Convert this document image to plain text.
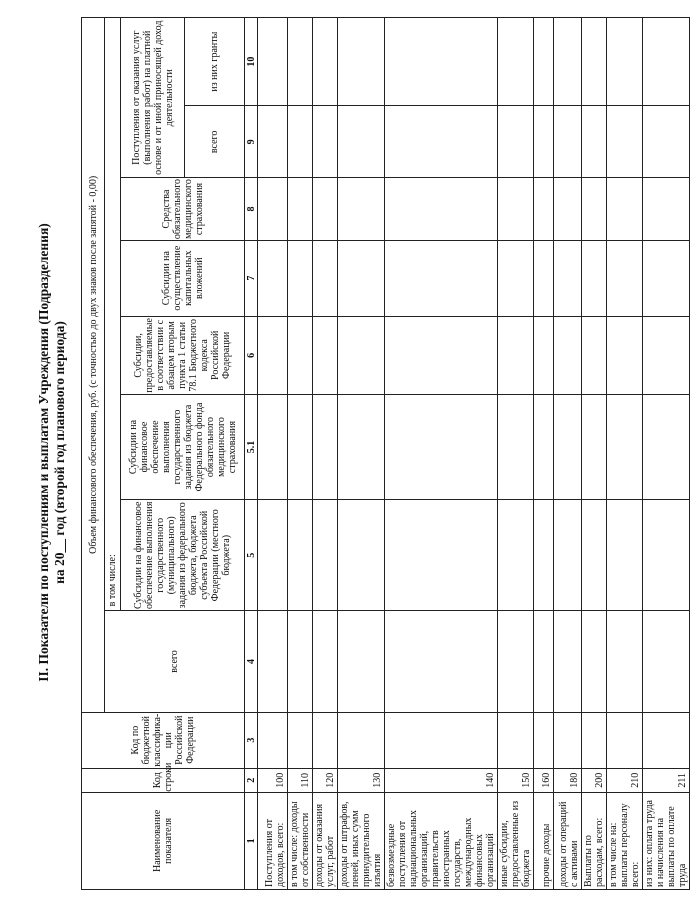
II. Показатели по поступлениям и выплатам Учреждения (Подразделения) на 20__ год (второй год планового периода)
Наименование показателя	Код строки	Код по бюджетной классифика-ции Российской Федерации	Объем финансового обеспечения, руб. (с точностью до двух знаков после запятой - 0,00)							
			всего	в том числе:						
				Субсидии на финансовое обеспечение выполнения государственного (муниципального) задания из федерального бюджета, бюджета субъекта Российской Федерации (местного бюджета)	Субсидии на финансовое обеспечение выполнения государственного задания из бюджета Федерального фонда обязательного медицинского страхования	Субсидии, предоставляемые в соответствии с абзацем вторым пункта 1 статьи 78.1 Бюджетного кодекса Российской Федерации	Субсидии на осуществление капитальных вложений	Средства обязательного медицинского страхования	Поступления от оказания услуг (выполнения работ) на платной основе и от иной приносящей доход деятельности	
									всего	из них гранты
1	2	3	4	5	5.1	6	7	8	9	10
Поступления от доходов, всего:	100									
в том числе: доходы от собственности	110									
доходы от оказания услуг, работ	120									
доходы от штрафов, пеней, иных сумм принудительного изъятия	130									
безвозмездные поступления от наднациональных организаций, правительств иностранных государств, международных финансовых организаций	140									
иные субсидии, предоставленные из бюджета	150									
прочие доходы	160									
доходы от операций с активами	180									
Выплаты по расходам, всего:	200									
в том числе на: выплаты персоналу всего:	210									
из них: оплата труда и начисления на выплаты по оплате труда	211									
